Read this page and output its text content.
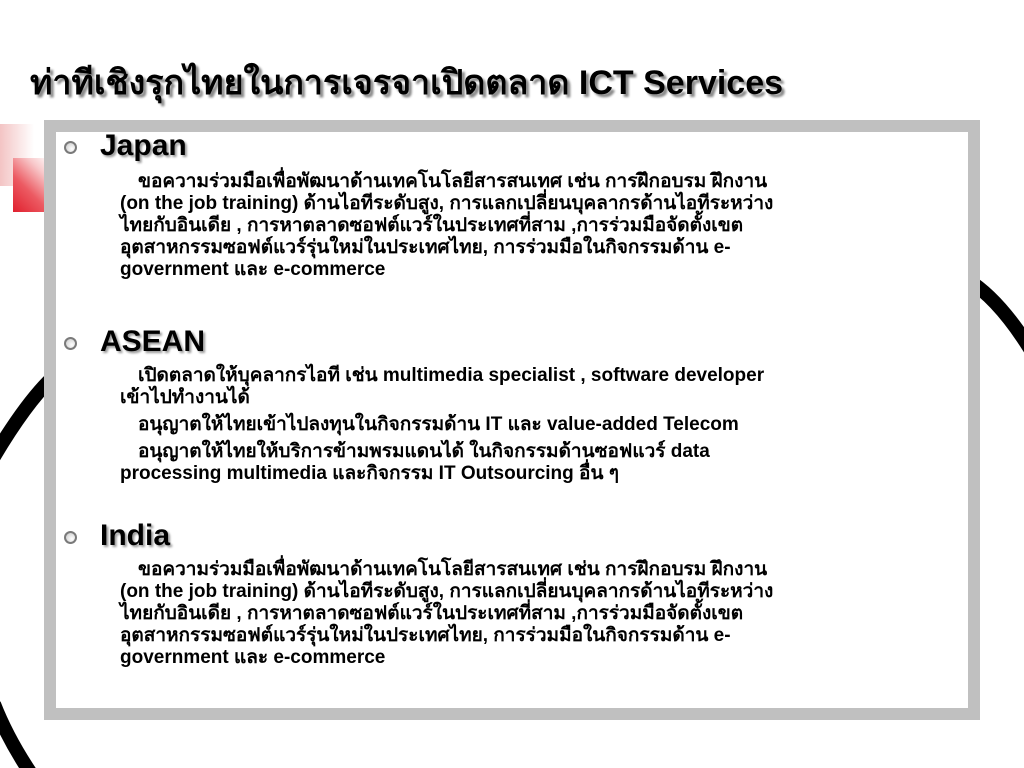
ท่าทีเชิงรุกไทยในการเจรจาเปิดตลาด ICT Services
Japan
ขอความร่วมมือเพื่อพัฒนาด้านเทคโนโลยีสารสนเทศ เช่น การฝึกอบรม ฝึกงาน
(on the job training) ด้านไอทีระดับสูง, การแลกเปลี่ยนบุคลากรด้านไอทีระหว่าง
ไทยกับอินเดีย , การหาตลาดซอฟต์แวร์ในประเทศที่สาม ,การร่วมมือจัดตั้งเขต
อุตสาหกรรมซอฟต์แวร์รุ่นใหม่ในประเทศไทย, การร่วมมือในกิจกรรมด้าน e-
government และ e-commerce
ASEAN
เปิดตลาดให้บุคลากรไอที เช่น multimedia specialist , software developer
เข้าไปทำงานได้
อนุญาตให้ไทยเข้าไปลงทุนในกิจกรรมด้าน IT และ value-added Telecom
อนุญาตให้ไทยให้บริการข้ามพรมแดนได้ ในกิจกรรมด้านซอฟแวร์ data
processing multimedia และกิจกรรม IT Outsourcing อื่น ๆ
India
ขอความร่วมมือเพื่อพัฒนาด้านเทคโนโลยีสารสนเทศ เช่น การฝึกอบรม ฝึกงาน
(on the job training) ด้านไอทีระดับสูง, การแลกเปลี่ยนบุคลากรด้านไอทีระหว่าง
ไทยกับอินเดีย , การหาตลาดซอฟต์แวร์ในประเทศที่สาม ,การร่วมมือจัดตั้งเขต
อุตสาหกรรมซอฟต์แวร์รุ่นใหม่ในประเทศไทย, การร่วมมือในกิจกรรมด้าน e-
government และ e-commerce
